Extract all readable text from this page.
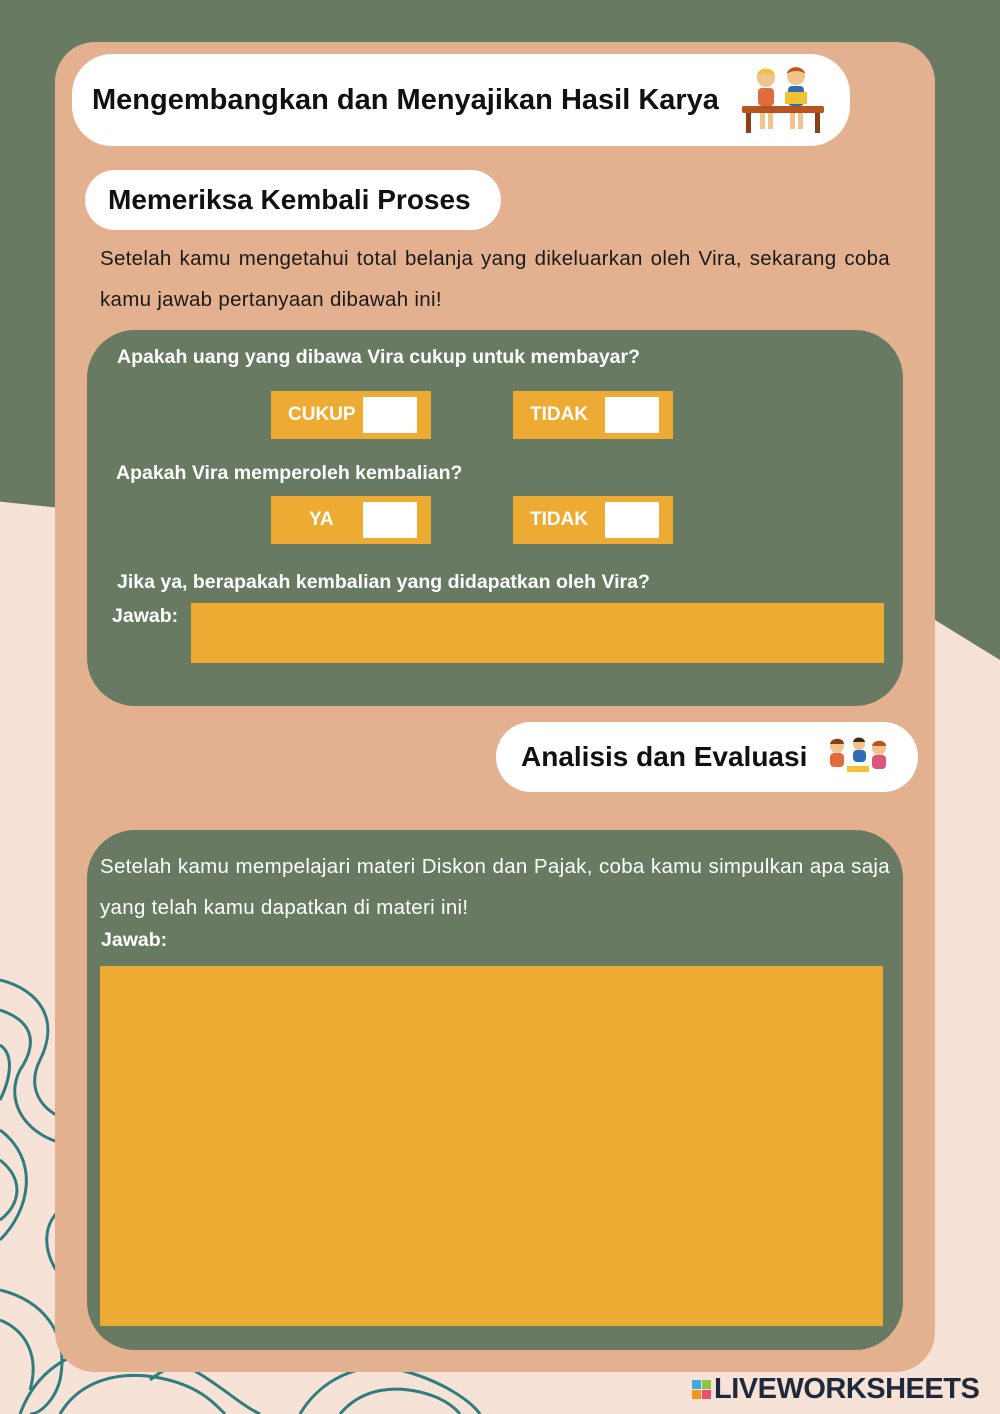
Mengembangkan dan Menyajikan Hasil Karya
Memeriksa Kembali Proses
Setelah kamu mengetahui total belanja yang dikeluarkan oleh Vira, sekarang coba kamu jawab pertanyaan dibawah ini!
Apakah uang yang dibawa Vira cukup untuk membayar?
CUKUP	TIDAK
Apakah Vira memperoleh kembalian?
YA	TIDAK
Jika ya, berapakah kembalian yang didapatkan oleh Vira?
Jawab:
Analisis dan Evaluasi
Setelah kamu mempelajari materi Diskon dan Pajak, coba kamu simpulkan apa saja yang telah kamu dapatkan di materi ini!
Jawab:
LIVEWORKSHEETS
